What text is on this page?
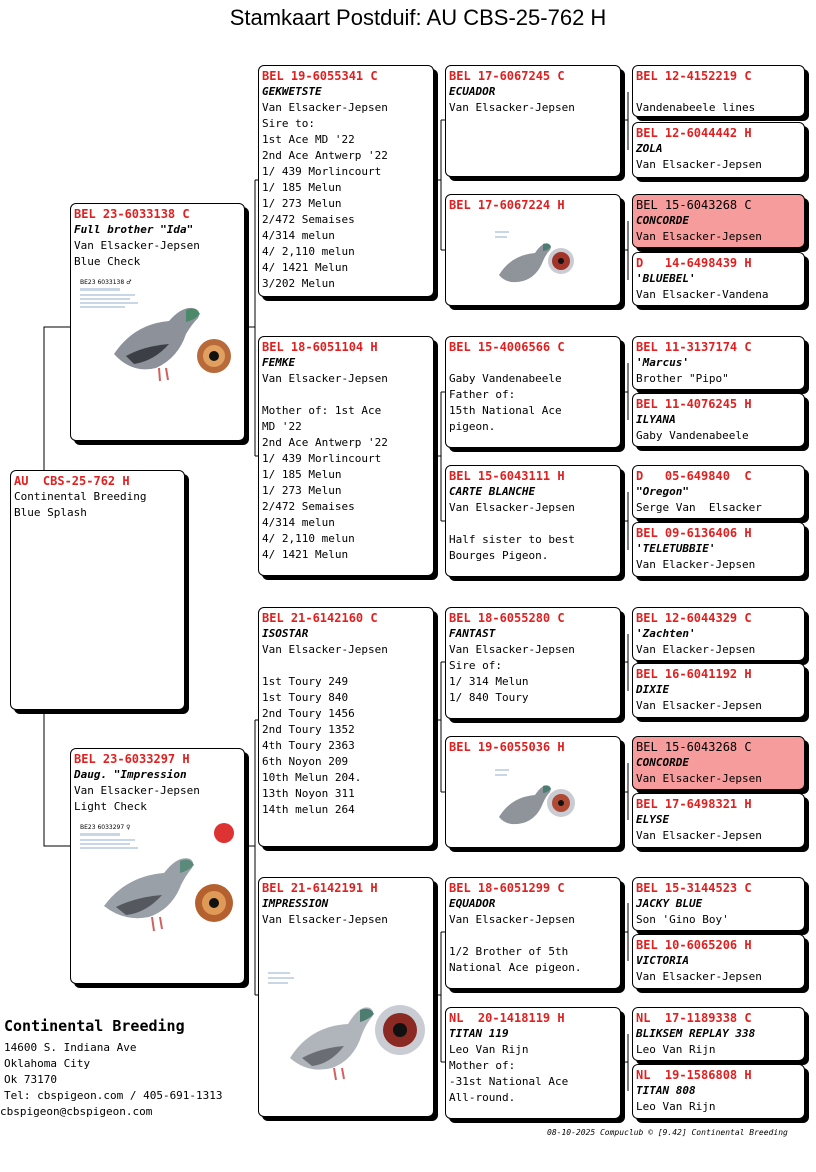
Stamkaart Postduif: AU CBS-25-762 H
AU  CBS-25-762 H
Continental Breeding
Blue Splash
BEL 23-6033138 C
Full brother "Ida"
Van Elsacker-Jepsen
Blue Check
BE23 6033138 ♂
BEL 23-6033297 H
Daug. "Impression
Van Elsacker-Jepsen
Light Check
BE23 6033297 ♀
BEL 19-6055341 C
GEKWETSTE
Van Elsacker-Jepsen
Sire to:
1st Ace MD '22
2nd Ace Antwerp '22
1/ 439 Morlincourt
1/ 185 Melun
1/ 273 Melun
2/472 Semaises
4/314 melun
4/ 2,110 melun
4/ 1421 Melun
3/202 Melun
BEL 18-6051104 H
FEMKE
Van Elsacker-Jepsen
Mother of: 1st Ace
MD '22
2nd Ace Antwerp '22
1/ 439 Morlincourt
1/ 185 Melun
1/ 273 Melun
2/472 Semaises
4/314 melun
4/ 2,110 melun
4/ 1421 Melun
BEL 21-6142160 C
ISOSTAR
Van Elsacker-Jepsen
1st Toury 249
1st Toury 840
2nd Toury 1456
2nd Toury 1352
4th Toury 2363
6th Noyon 209
10th Melun 204.
13th Noyon 311
14th melun 264
BEL 21-6142191 H
IMPRESSION
Van Elsacker-Jepsen
BEL 17-6067245 C
ECUADOR
Van Elsacker-Jepsen
BEL 17-6067224 H
BEL 15-4006566 C
Gaby Vandenabeele
Father of:
15th National Ace
pigeon.
BEL 15-6043111 H
CARTE BLANCHE
Van Elsacker-Jepsen
Half sister to best
Bourges Pigeon.
BEL 18-6055280 C
FANTAST
Van Elsacker-Jepsen
Sire of:
1/ 314 Melun
1/ 840 Toury
BEL 19-6055036 H
BEL 18-6051299 C
EQUADOR
Van Elsacker-Jepsen
1/2 Brother of 5th
National Ace pigeon.
NL  20-1418119 H
TITAN 119
Leo Van Rijn
Mother of:
-31st National Ace
All-round.
BEL 12-4152219 C
Vandenabeele lines
BEL 12-6044442 H
ZOLA
Van Elsacker-Jepsen
BEL 15-6043268 C
CONCORDE
Van Elsacker-Jepsen
D   14-6498439 H
'BLUEBEL'
Van Elsacker-Vandena
BEL 11-3137174 C
'Marcus'
Brother "Pipo"
BEL 11-4076245 H
ILYANA
Gaby Vandenabeele
D   05-649840  C
"Oregon"
Serge Van  Elsacker
BEL 09-6136406 H
'TELETUBBIE'
Van Elacker-Jepsen
BEL 12-6044329 C
'Zachten'
Van Elacker-Jepsen
BEL 16-6041192 H
DIXIE
Van Elsacker-Jepsen
BEL 15-6043268 C
CONCORDE
Van Elsacker-Jepsen
BEL 17-6498321 H
ELYSE
Van Elsacker-Jepsen
BEL 15-3144523 C
JACKY BLUE
Son 'Gino Boy'
BEL 10-6065206 H
VICTORIA
Van Elsacker-Jepsen
NL  17-1189338 C
BLIKSEM REPLAY 338
Leo Van Rijn
NL  19-1586808 H
TITAN 808
Leo Van Rijn
Continental Breeding
14600 S. Indiana Ave
Oklahoma City
Ok 73170
Tel: cbspigeon.com / 405-691-1313
cbspigeon@cbspigeon.com
08-10-2025 Compuclub © [9.42] Continental Breeding
